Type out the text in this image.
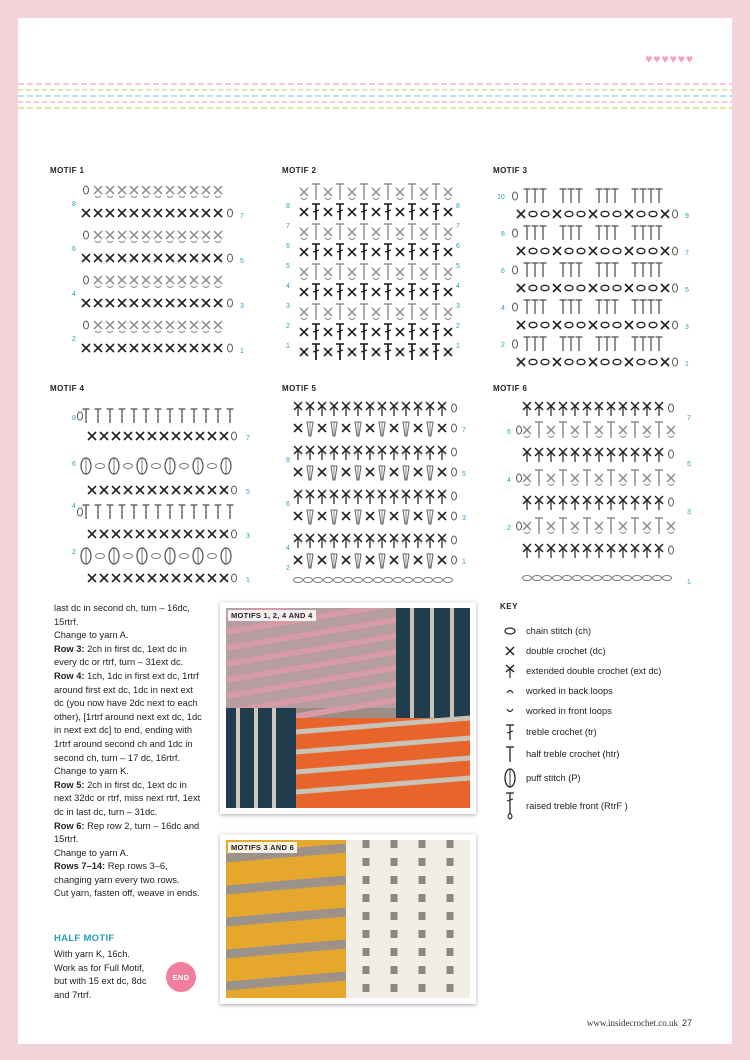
♥♥♥♥♥♥
MOTIF 1
8
6
4
2
7
5
3
1
MOTIF 2
8
7
6
5
4
3
2
1
8
7
6
5
4
3
2
1
MOTIF 3
10
8
6
4
2
9
7
5
3
1
MOTIF 4
8
6
4
2
7
5
3
1
MOTIF 5
8
6
4
2
7
5
3
1
MOTIF 6
6
4
2
7
5
3
1

last dc in second ch, turn – 16dc,

15rtrf.

Change to yarn A.

Row 3: 2ch in first dc, 1ext dc in every dc or rtrf, turn – 31ext dc.

Row 4: 1ch, 1dc in first ext dc, 1rtrf around first ext dc, 1dc in next ext dc (you now have 2dc next to each other), [1rtrf around next ext dc, 1dc in next ext dc] to end, ending with 1rtrf around second ch and 1dc in second ch, turn – 17 dc, 16rtrf.

Change to yarn K.

Row 5: 2ch in first dc, 1ext dc in next 32dc or rtrf, miss next rtrf, 1ext dc in last dc, turn – 31dc.

Row 6: Rep row 2, turn – 16dc and 15rtrf.

Change to yarn A.

Rows 7–14: Rep rows 3–6, changing yarn every two rows.

Cut yarn, fasten off, weave in ends.

HALF MOTIF

With yarn K, 16ch.

Work as for Full Motif,

but with 15 ext dc, 8dc

and 7rtrf.

END
MOTIFS 1, 2, 4 AND 4
MOTIFS 3 AND 6
KEY
chain stitch (ch)
double crochet (dc)
extended double crochet (ext dc)
worked in back loops
worked in front loops
treble crochet (tr)
half treble crochet (htr)
puff stitch (P)
raised treble front (RtrF )
www.insidecrochet.co.uk 27
